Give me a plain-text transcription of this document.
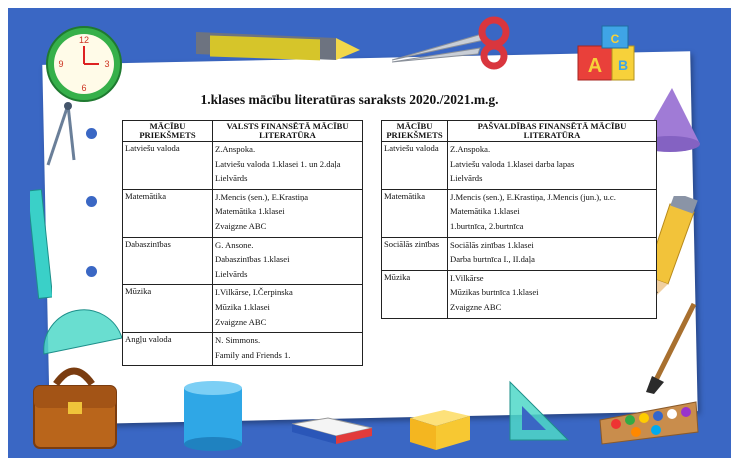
12
3
6
9	A B
C
1.klases mācību literatūras saraksts 2020./2021.m.g.
MĀCĪBU PRIEKŠMETS	VALSTS FINANSĒTĀ MĀCĪBU LITERATŪRA
Latviešu valoda	Z.Anspoka.
Latviešu valoda 1.klasei 1. un 2.daļa
Lielvārds

Matemātika	J.Mencis (sen.), E.Krastiņa
Matemātika 1.klasei
Zvaigzne ABC

Dabaszinības	G. Ansone.
Dabaszinības 1.klasei
Lielvārds

Mūzika	I.Vilkārse, I.Čerpinska
Mūzika 1.klasei
Zvaigzne ABC

Angļu valoda	N. Simmons.
Family and Friends 1.
MĀCĪBU PRIEKŠMETS	PAŠVALDĪBAS FINANSĒTĀ MĀCĪBU LITERATŪRA
Latviešu valoda	Z.Anspoka.
Latviešu valoda 1.klasei darba lapas
Lielvārds

Matemātika	J.Mencis (sen.), E.Krastiņa, J.Mencis (jun.), u.c.
Matemātika 1.klasei
1.burtnīca, 2.burtnīca

Sociālās zinības	Sociālās zinības 1.klasei
Darba burtnīca I., II.daļa

Mūzika	I.Vilkārse
Mūzikas burtnīca 1.klasei
Zvaigzne ABC
